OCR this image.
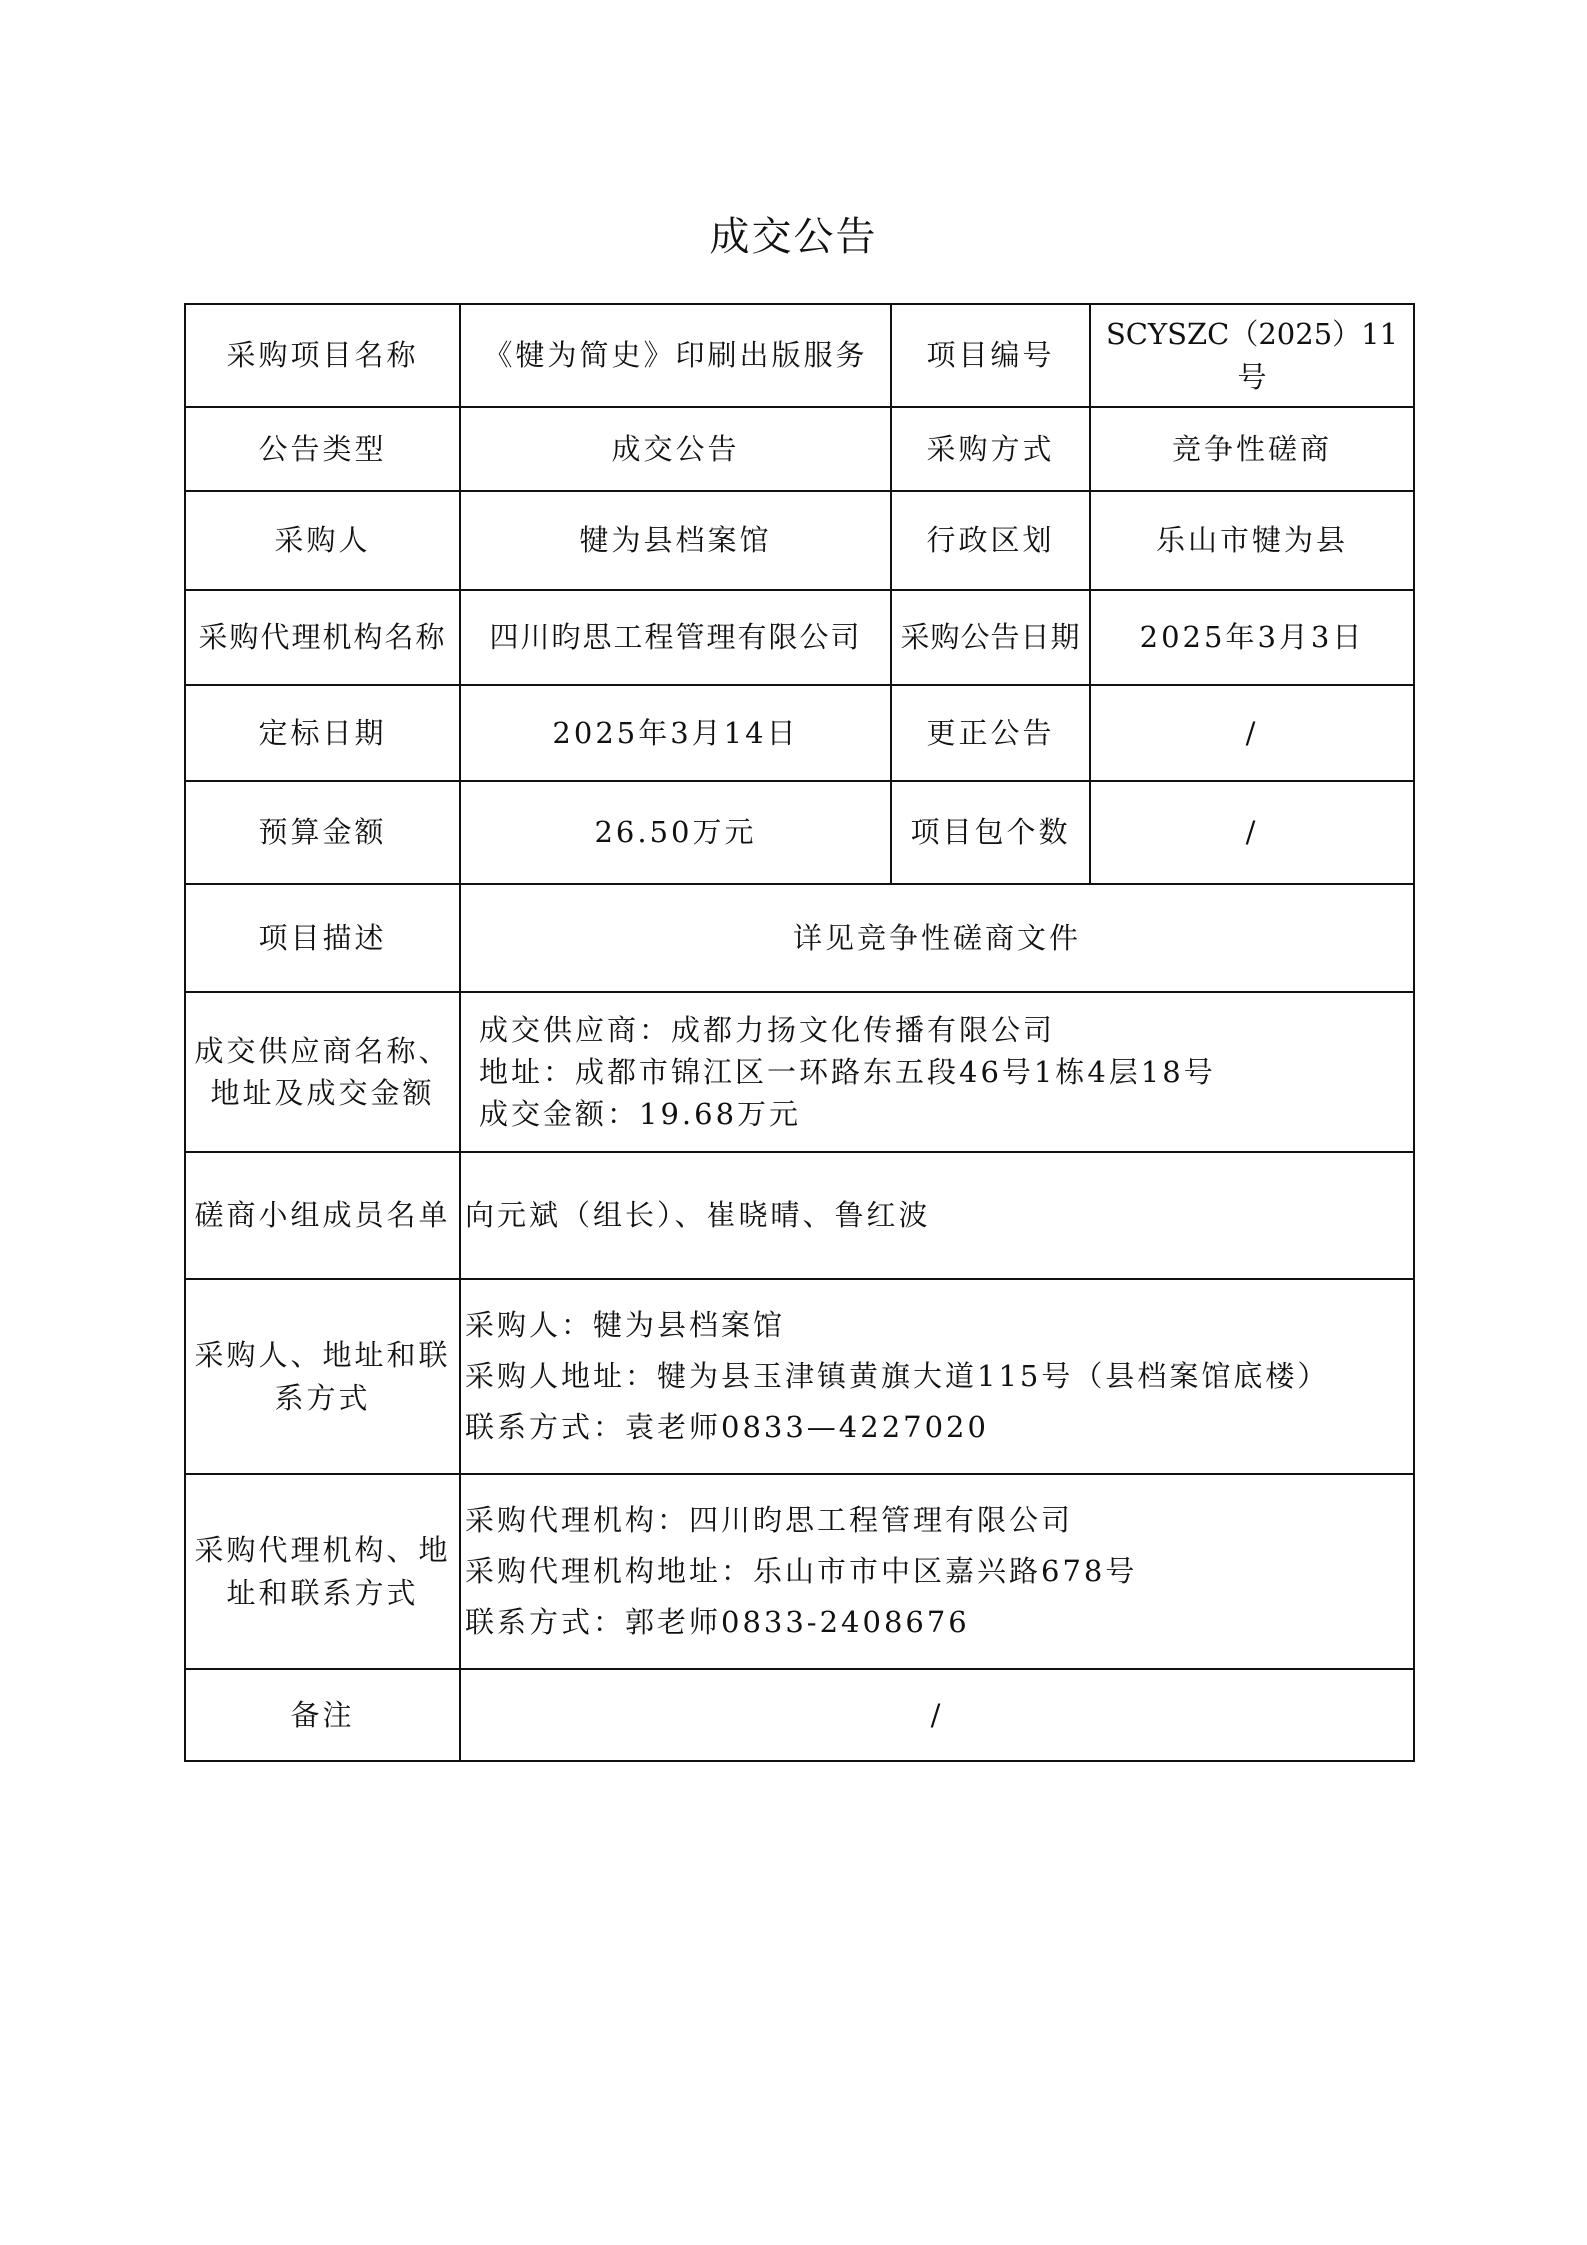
成交公告
采购项目名称	《犍为简史》印刷出版服务	项目编号	SCYSZC（2025）11号
公告类型	成交公告	采购方式	竞争性磋商
采购人	犍为县档案馆	行政区划	乐山市犍为县
采购代理机构名称	四川昀思工程管理有限公司	采购公告日期	2025年3月3日
定标日期	2025年3月14日	更正公告	/
预算金额	26.50万元	项目包个数	/
项目描述	详见竞争性磋商文件		
成交供应商名称、地址及成交金额	成交供应商：成都力扬文化传播有限公司
地址：成都市锦江区一环路东五段46号1栋4层18号
成交金额：19.68万元		

磋商小组成员名单	向元斌（组长）、崔晓晴、鲁红波		
采购人、地址和联系方式	采购人：犍为县档案馆
采购人地址：犍为县玉津镇黄旗大道115号（县档案馆底楼）
联系方式：袁老师0833—4227020		

采购代理机构、地址和联系方式	采购代理机构：四川昀思工程管理有限公司
采购代理机构地址：乐山市市中区嘉兴路678号
联系方式：郭老师0833-2408676		

备注	/		
